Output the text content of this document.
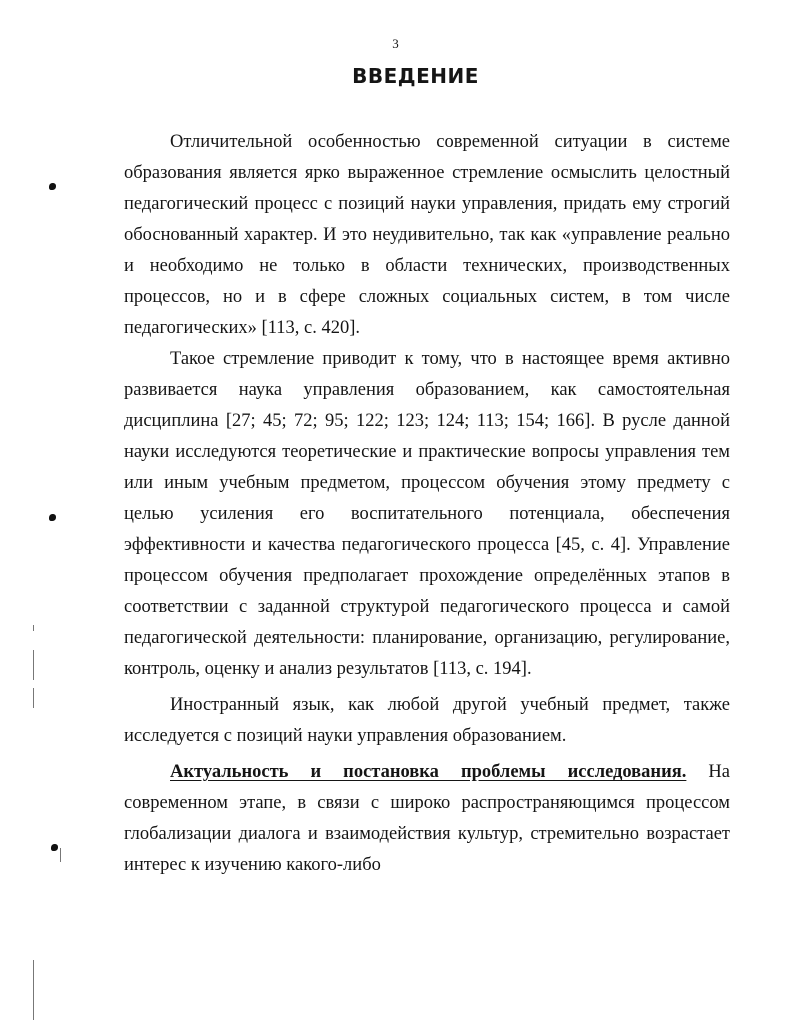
3
ВВЕДЕНИЕ

Отличительной особенностью современной ситуации в системе образования является ярко выраженное стремление осмыслить целостный педагогический процесс с позиций науки управления, придать ему строгий обоснованный характер. И это неудивительно, так как «управление реально и необходимо не только в области технических, производственных процессов, но и в сфере сложных социальных систем, в том числе педагогических» [113, с. 420].

Такое стремление приводит к тому, что в настоящее время активно развивается наука управления образованием, как самостоятельная дисциплина [27; 45; 72; 95; 122; 123; 124; 113; 154; 166]. В русле данной науки исследуются теоретические и практические вопросы управления тем или иным учебным предметом, процессом обучения этому предмету с целью усиления его воспитательного потенциала, обеспечения эффективности и качества педагогического процесса [45, с. 4]. Управление процессом обучения предполагает прохождение определённых этапов в соответствии с заданной структурой педагогического процесса и самой педагогической деятельности: планирование, организацию, регулирование, контроль, оценку и анализ результатов [113, с. 194].

Иностранный язык, как любой другой учебный предмет, также исследуется с позиций науки управления образованием.

Актуальность и постановка проблемы исследования. На современном этапе, в связи с широко распространяющимся процессом глобализации диалога и взаимодействия культур, стремительно возрастает интерес к изучению какого-либо
